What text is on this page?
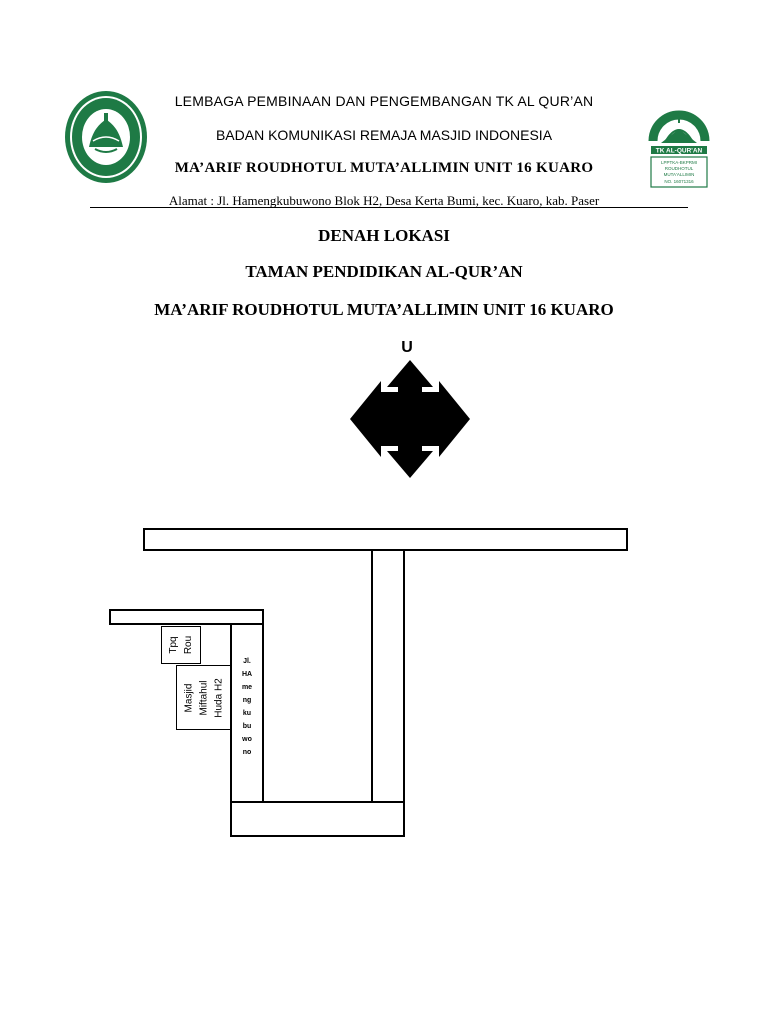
TK AL-QUR'AN
LPPTKA-BKPRMI
ROUDHOTUL
MUTA'ALLIMIN
NO. 16071316
LEMBAGA PEMBINAAN DAN PENGEMBANGAN TK AL QUR’AN
BADAN KOMUNIKASI REMAJA MASJID INDONESIA
MA’ARIF ROUDHOTUL MUTA’ALLIMIN UNIT 16 KUARO
Alamat : Jl. Hamengkubuwono Blok H2, Desa Kerta Bumi, kec. Kuaro, kab. Paser
DENAH LOKASI
TAMAN PENDIDIKAN AL-QUR’AN
MA’ARIF ROUDHOTUL MUTA’ALLIMIN UNIT 16 KUARO
U
Jl.
HA
me
ng
ku
bu
wo
no
Tpq Rou
Masjid Miftahul Huda H2
